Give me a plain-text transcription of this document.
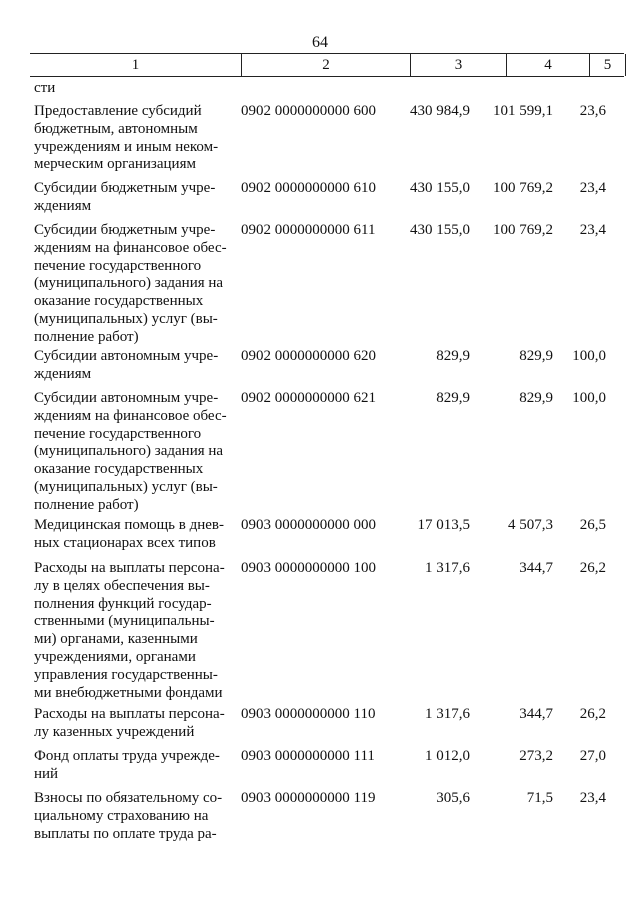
64
1	2	3	4	5
сти
Предоставление субсидий
бюджетным, автономным
учреждениям и иным неком-
мерческим организациям
0902 0000000000 600	430 984,9	101 599,1	23,6
Субсидии бюджетным учре-
ждениям
0902 0000000000 610	430 155,0	100 769,2	23,4
Субсидии бюджетным учре-
ждениям на финансовое обес-
печение государственного
(муниципального) задания на
оказание государственных
(муниципальных) услуг (вы-
полнение работ)
0902 0000000000 611	430 155,0	100 769,2	23,4
Субсидии автономным учре-
ждениям
0902 0000000000 620	829,9	829,9	100,0
Субсидии автономным учре-
ждениям на финансовое обес-
печение государственного
(муниципального) задания на
оказание государственных
(муниципальных) услуг (вы-
полнение работ)
0902 0000000000 621	829,9	829,9	100,0
Медицинская помощь в днев-
ных стационарах всех типов
0903 0000000000 000	17 013,5	4 507,3	26,5
Расходы на выплаты персона-
лу в целях обеспечения вы-
полнения функций государ-
ственными (муниципальны-
ми) органами, казенными
учреждениями, органами
управления государственны-
ми внебюджетными фондами
0903 0000000000 100	1 317,6	344,7	26,2
Расходы на выплаты персона-
лу казенных учреждений
0903 0000000000 110	1 317,6	344,7	26,2
Фонд оплаты труда учрежде-
ний
0903 0000000000 111	1 012,0	273,2	27,0
Взносы по обязательному со-
циальному страхованию на
выплаты по оплате труда ра-
0903 0000000000 119	305,6	71,5	23,4
